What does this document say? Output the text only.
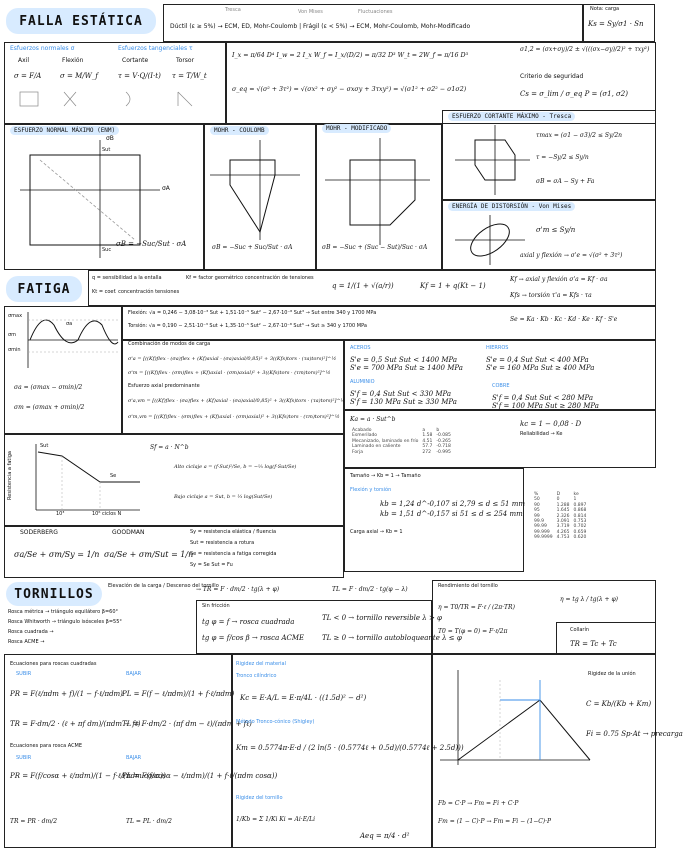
FALLA ESTÁTICA
Tresca	Von Mises	Fluctuaciones
Dúctil (ε ≥ 5%) → ECM, ED, Mohr-Coulomb | Frágil (ε < 5%) → ECM, Mohr-Coulomb, Mohr-Modificado
Nota: carga
Ks = Sy/σ1 · Sn
Esfuerzos normales σ	Esfuerzos tangenciales τ
Axil	Flexión	Cortante	Torsor
σ = F/A	σ = M/W_f	τ = V·Q/(I·t) τ = T/W_t
I_x = π/64 D⁴ I_w = 2 I_x W_f = I_x/(D/2) = π/32 D³ W_t = 2W_f = π/16 D³
σ1,2 = (σx+σy)/2 ± √(((σx−σy)/2)² + τxy²)
σ_eq = √(σ² + 3τ²) = √(σx² + σy² − σxσy + 3τxy²) = √(σ1² + σ2² − σ1σ2)
Criterio de seguridad
Cs = σ_lim / σ_eq P = (σ1, σ2)
ESFUERZO NORMAL MÁXIMO (ENM)
Sut
Suc
σA
σB
σB = −Suc/Sut · σA
MOHR - COULOMB
σB = −Suc + Suc/Sut · σA
MOHR - MODIFICADO
σB = −Suc + (Suc − Sut)/Suc · σA
ESFUERZO CORTANTE MÁXIMO - Tresca
τmax = (σ1 − σ3)/2 ≤ Sy/2n
τ = −Sy/2 ≤ Sy/n
σB = σA − Sy + Fa
ENERGÍA DE DISTORSIÓN - Von Mises
σ'm ≤ Sy/n
axial y flexión → σ'e = √(σ² + 3τ²)
FATIGA
q = sensibilidad a la entalla
Kt = coef. concentración tensiones
Kf = factor geométrico concentración de tensiones
q = 1/(1 + √(a/r))	Kf = 1 + q(Kt − 1)
Kf → axial y flexión σ'a = Kf · σa
Kfs → torsión τ'a = Kfs · τa
σmax
σm
σmin
σa
σa = (σmax − σmin)/2
σm = (σmax + σmin)/2
Flexión: √a = 0,246 − 3,08·10⁻³ Sut + 1,51·10⁻⁵ Sut² − 2,67·10⁻⁸ Sut³ → Sut entre 340 y 1700 MPa
Torsión: √a = 0,190 − 2,51·10⁻³ Sut + 1,35·10⁻⁵ Sut² − 2,67·10⁻⁸ Sut³ → Sut ≥ 340 y 1700 MPa
Se = Ka · Kb · Kc · Kd · Ke · Kf · S'e
Combinación de modos de carga
σ'a = [((Kf)flex · (σa)flex + (Kf)axial · (σa)axial/0,85)² + 3((Kfs)tors · (τa)tors)²]^½
σ'm = [((Kf)flex · (σm)flex + (Kf)axial · (σm)axial)² + 3((Kfs)tors · (τm)tors)²]^½
Esfuerzo axial predominante
σ'a,vm = [((Kf)flex · (σa)flex + (Kf)axial · (σa)axial/0,85)² + 3((Kfs)tors · (τa)tors)²]^½
σ'm,vm = [((Kf)flex · (σm)flex + (Kf)axial · (σm)axial)² + 3((Kfs)tors · (τm)tors)²]^½
ACEROS
S'e = 0,5 Sut Sut < 1400 MPa
S'e = 700 MPa Sut ≥ 1400 MPa
HIERROS
S'e = 0,4 Sut Sut < 400 MPa
S'e = 160 MPa Sut ≥ 400 MPa
ALUMINIO
S'f = 0,4 Sut Sut < 330 MPa
S'f = 130 MPa Sut ≥ 330 MPa
COBRE
S'f = 0,4 Sut Sut < 280 MPa
S'f = 100 MPa Sut ≥ 280 MPa
Ka = a · Sut^b
Acabado	a	b
Esmerilado	1.58	-0.085
Mecanizado, laminado en frío	4.51	-0.265
Laminado en caliente	57.7	-0.718
Forja	272	-0.995
kc = 1 − 0,08 · D
Reliabilidad → Ke
Sut
Se
10³	10⁶ ciclos N
Resistencia a fatiga
Sf = a · N^b
Alto ciclaje a = (f·Sut)²/Se, b = −⅓ log(f·Sut/Se)
Bajo ciclaje a = Sut, b = ⅓ log(Sut/Se)
Tamaño → Kb = 1 → Tamaño
Flexión y torsión
kb = 1,24 d^-0,107 si 2,79 ≤ d ≤ 51 mm
kb = 1,51 d^-0,157 si 51 ≤ d ≤ 254 mm
Carga axial → Kb = 1
%	D	ke
50	0	1
90	1.288	0.897
95	1.645	0.868
99	2.326	0.814
99.9	3.091	0.753
99.99	3.719	0.702
99.999	4.265	0.659
99.9999	4.753	0.620
SODERBERG
σa/Se + σm/Sy = 1/n
GOODMAN
σa/Se + σm/Sut = 1/n
Sy = resistencia elástica / fluencia
Sut = resistencia a rotura
Se = resistencia a fatiga corregida
Sy = Se Sut = Fu
TORNILLOS
Elevación de la carga / Descenso del tornillo
→ TR = F · dm/2 · tg(λ + φ)	TL = F · dm/2 · tg(φ − λ)
Rosca métrica → triángulo equilátero β=60°
Rosca Whitworth → triángulo isósceles β=55°
Rosca cuadrada →
Rosca ACME →
Sin fricción
tg φ = f → rosca cuadrada
tg φ = f/cos β → rosca ACME
TL < 0 → tornillo reversible λ > φ
TL ≥ 0 → tornillo autobloqueante λ ≤ φ
Rendimiento del tornillo
η = tg λ / tg(λ + φ)
η = T0/TR = F·ℓ / (2π·TR)
T0 = T(φ = 0) = F·ℓ/2π	Collarín
TR = Tc + Tc
Ecuaciones para roscas cuadradas
SUBIR	BAJAR
PR = F(ℓ/πdm + f)/(1 − f·ℓ/πdm) PL = F(f − ℓ/πdm)/(1 + f·ℓ/πdm)
TR = F·dm/2 · (ℓ + πf dm)/(πdm − fℓ)
TL = F·dm/2 · (πf dm − ℓ)/(πdm + fℓ)
Ecuaciones para rosca ACME
SUBIR	BAJAR
PR = F(f/cosα + ℓ/πdm)/(1 − f·ℓ/(πdm cosα))
PL = F(f/cosα − ℓ/πdm)/(1 + f·ℓ/(πdm cosα))
TR = PR · dm/2	TL = PL · dm/2
Rigidez del material
Tronco cilíndrico
Kc = E·A/L = E·π/4L · ((1.5d)² − d²)
Método Tronco-cónico (Shigley)
Km = 0.5774π·E·d / (2 ln(5 · (0.5774ℓ + 0.5d)/(0.5774ℓ + 2.5d)))
Rigidez del tornillo
1/Kb = Σ 1/Ki Ki = Ai·E/Li
Aeq = π/4 · d²
Rigidez de la unión
C = Kb/(Kb + Km)
Fi = 0.75 Sp·At → precarga
Fb = C·P → Fm = Fi + C·P
Fm = (1 − C)·P → Fm = Fi − (1−C)·P
